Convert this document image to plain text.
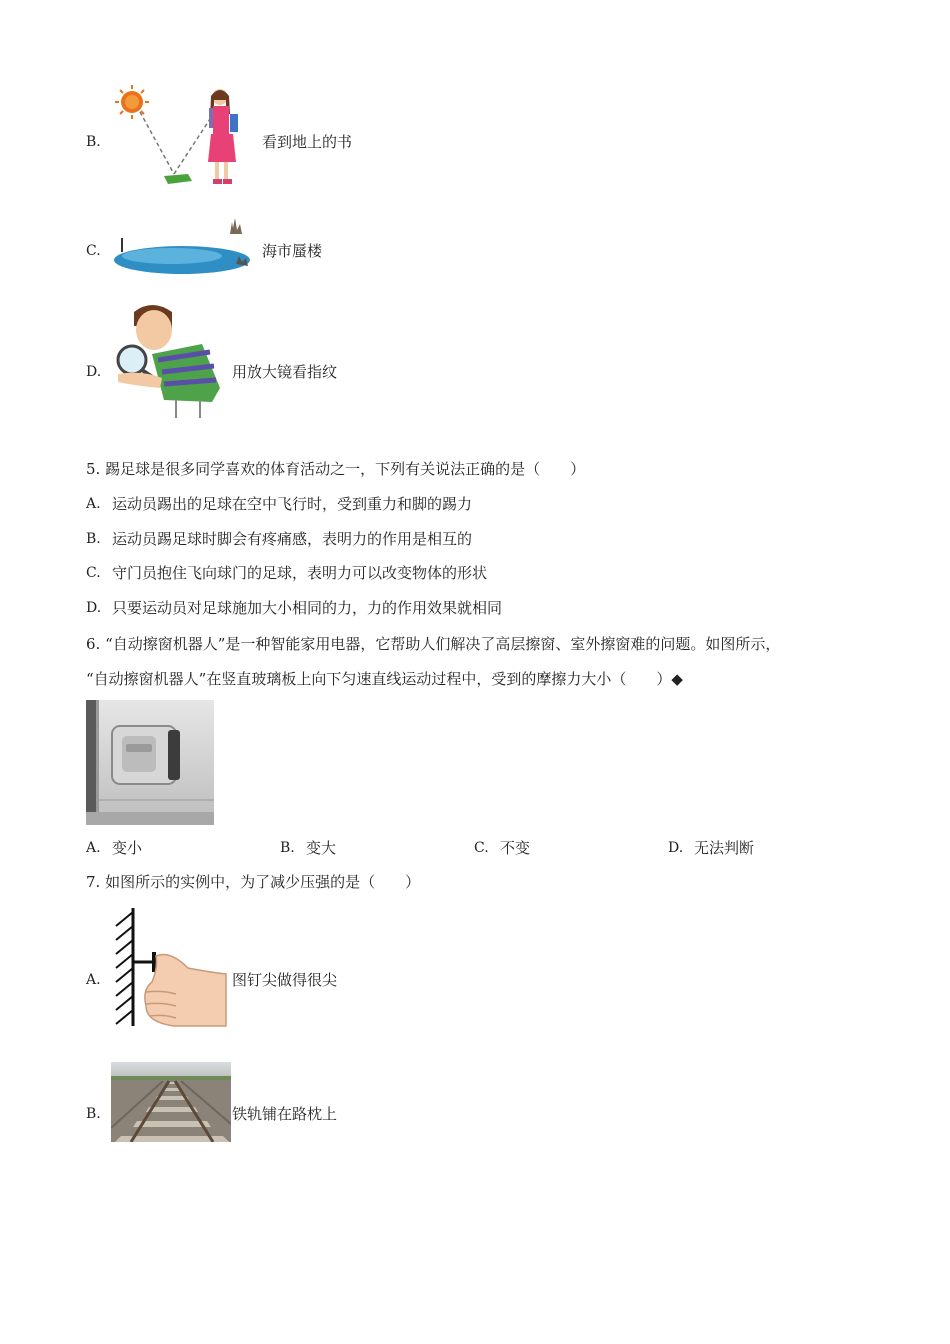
B.	看到地上的书
C.	海市蜃楼
D.	用放大镜看指纹
5. 踢足球是很多同学喜欢的体育活动之一，下列有关说法正确的是（　　）
A. 运动员踢出的足球在空中飞行时，受到重力和脚的踢力
B. 运动员踢足球时脚会有疼痛感，表明力的作用是相互的
C. 守门员抱住飞向球门的足球，表明力可以改变物体的形状
D. 只要运动员对足球施加大小相同的力，力的作用效果就相同
6. “自动擦窗机器人”是一种智能家用电器，它帮助人们解决了高层擦窗、室外擦窗难的问题。如图所示，
“自动擦窗机器人”在竖直玻璃板上向下匀速直线运动过程中，受到的摩擦力大小（　　）◆
A. 变小	B. 变大	C. 不变	D. 无法判断
7. 如图所示的实例中，为了减少压强的是（　　）
A.	图钉尖做得很尖
B.	铁轨铺在路枕上
